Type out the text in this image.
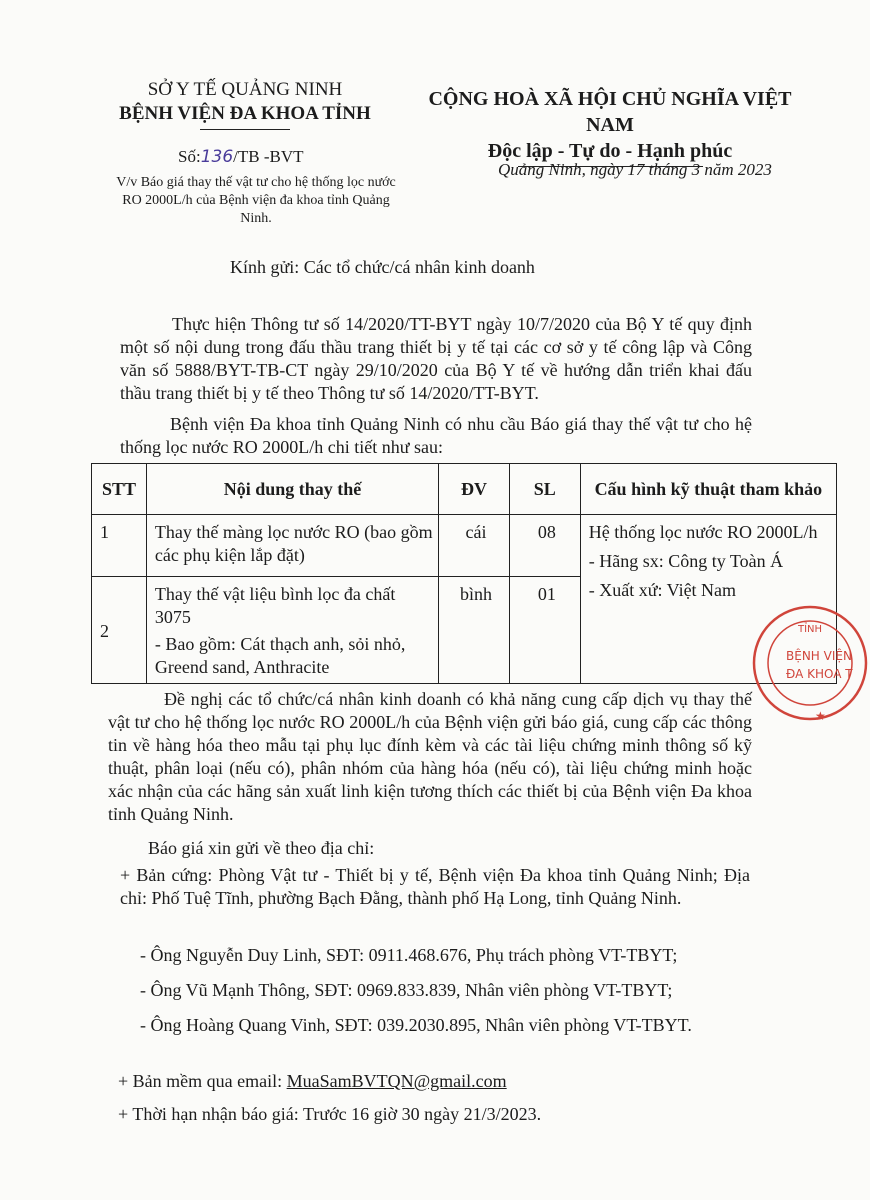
SỞ Y TẾ QUẢNG NINH
BỆNH VIỆN ĐA KHOA TỈNH
Số:136/TB -BVT
V/v Báo giá thay thế vật tư cho hệ thống lọc nước RO 2000L/h của Bệnh viện đa khoa tỉnh Quảng Ninh.
CỘNG HOÀ XÃ HỘI CHỦ NGHĨA VIỆT NAM
Độc lập - Tự do - Hạnh phúc
Quảng Ninh, ngày 17 tháng 3 năm 2023
Kính gửi: Các tổ chức/cá nhân kinh doanh
Thực hiện Thông tư số 14/2020/TT-BYT ngày 10/7/2020 của Bộ Y tế quy định một số nội dung trong đấu thầu trang thiết bị y tế tại các cơ sở y tế công lập và Công văn số 5888/BYT-TB-CT ngày 29/10/2020 của Bộ Y tế về hướng dẫn triển khai đấu thầu trang thiết bị y tế theo Thông tư số 14/2020/TT-BYT.
Bệnh viện Đa khoa tỉnh Quảng Ninh có nhu cầu Báo giá thay thế vật tư cho hệ thống lọc nước RO 2000L/h chi tiết như sau:
STT	Nội dung thay thế	ĐV	SL	Cấu hình kỹ thuật tham khảo
1	Thay thế màng lọc nước RO (bao gồm các phụ kiện lắp đặt)	cái	08	Hệ thống lọc nước RO 2000L/h
- Hãng sx: Công ty Toàn Á
- Xuất xứ: Việt Nam

2	Thay thế vật liệu bình lọc đa chất 3075
- Bao gồm: Cát thạch anh, sỏi nhỏ, Greend sand, Anthracite	bình	01	
TỈNH
BỆNH VIỆN
ĐA KHOA T
★
Đề nghị các tổ chức/cá nhân kinh doanh có khả năng cung cấp dịch vụ thay thế vật tư cho hệ thống lọc nước RO 2000L/h của Bệnh viện gửi báo giá, cung cấp các thông tin về hàng hóa theo mẫu tại phụ lục đính kèm và các tài liệu chứng minh thông số kỹ thuật, phân loại (nếu có), phân nhóm của hàng hóa (nếu có), tài liệu chứng minh hoặc xác nhận của các hãng sản xuất linh kiện tương thích các thiết bị của Bệnh viện Đa khoa tỉnh Quảng Ninh.
Báo giá xin gửi về theo địa chỉ:
+ Bản cứng: Phòng Vật tư - Thiết bị y tế, Bệnh viện Đa khoa tỉnh Quảng Ninh; Địa chỉ: Phố Tuệ Tĩnh, phường Bạch Đằng, thành phố Hạ Long, tỉnh Quảng Ninh.
- Ông Nguyễn Duy Linh, SĐT: 0911.468.676, Phụ trách phòng VT-TBYT;
- Ông Vũ Mạnh Thông, SĐT: 0969.833.839, Nhân viên phòng VT-TBYT;
- Ông Hoàng Quang Vinh, SĐT: 039.2030.895, Nhân viên phòng VT-TBYT.
+ Bản mềm qua email: MuaSamBVTQN@gmail.com
+ Thời hạn nhận báo giá: Trước 16 giờ 30 ngày 21/3/2023.
